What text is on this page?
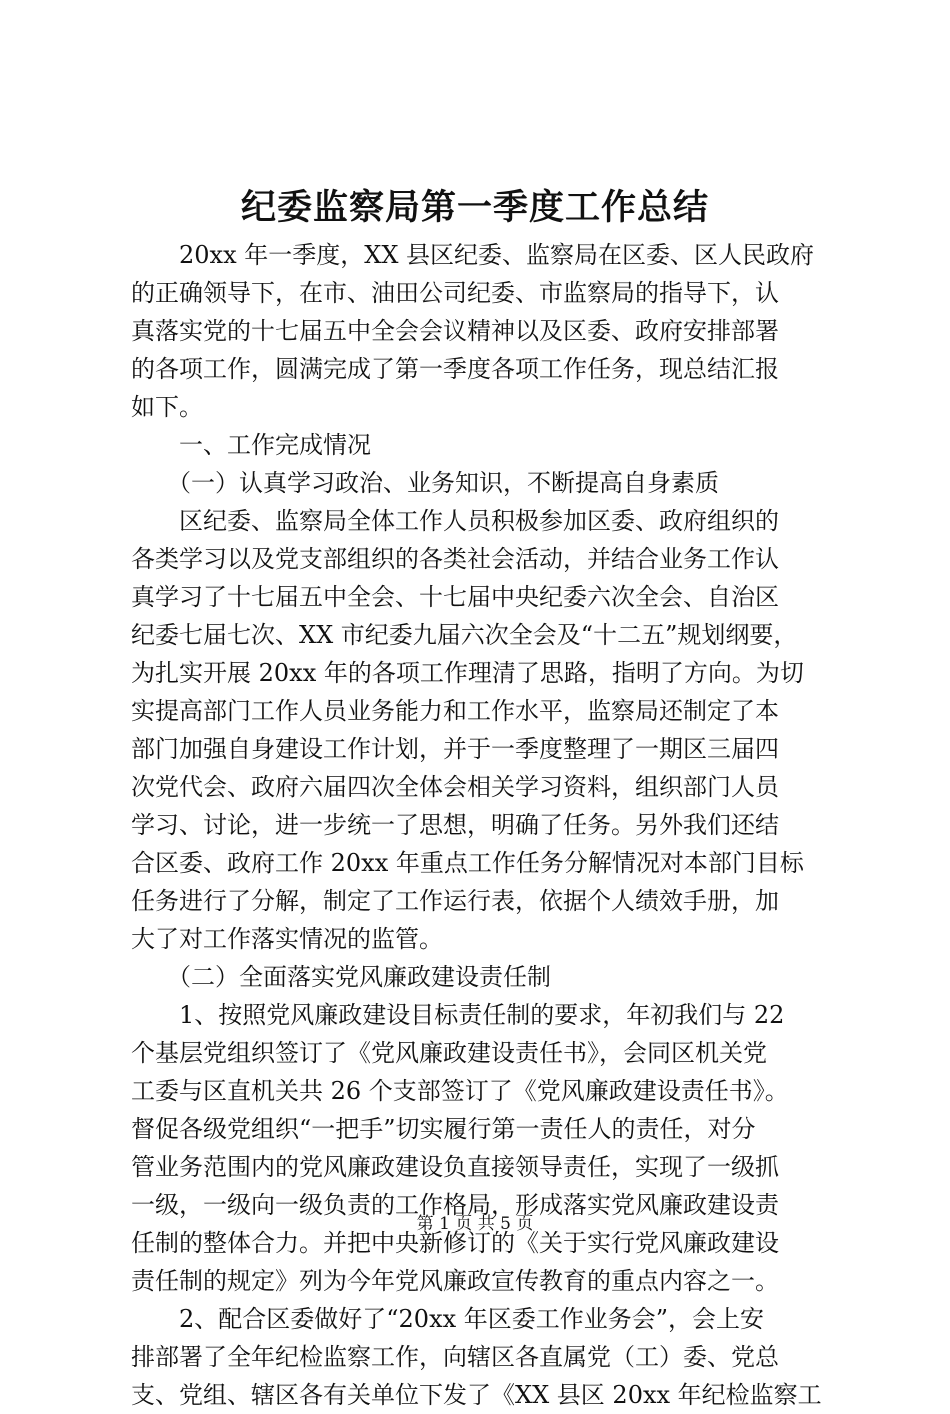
纪委监察局第一季度工作总结
　　20xx 年一季度，XX 县区纪委、监察局在区委、区人民政府
的正确领导下，在市、油田公司纪委、市监察局的指导下，认
真落实党的十七届五中全会会议精神以及区委、政府安排部署
的各项工作，圆满完成了第一季度各项工作任务，现总结汇报
如下。
　　一、工作完成情况
　　（一）认真学习政治、业务知识，不断提高自身素质
　　区纪委、监察局全体工作人员积极参加区委、政府组织的
各类学习以及党支部组织的各类社会活动，并结合业务工作认
真学习了十七届五中全会、十七届中央纪委六次全会、自治区
纪委七届七次、XX 市纪委九届六次全会及“十二五”规划纲要，
为扎实开展 20xx 年的各项工作理清了思路，指明了方向。为切
实提高部门工作人员业务能力和工作水平，监察局还制定了本
部门加强自身建设工作计划，并于一季度整理了一期区三届四
次党代会、政府六届四次全体会相关学习资料，组织部门人员
学习、讨论，进一步统一了思想，明确了任务。另外我们还结
合区委、政府工作 20xx 年重点工作任务分解情况对本部门目标
任务进行了分解，制定了工作运行表，依据个人绩效手册，加
大了对工作落实情况的监管。
　　（二）全面落实党风廉政建设责任制
　　1、按照党风廉政建设目标责任制的要求，年初我们与 22
个基层党组织签订了《党风廉政建设责任书》，会同区机关党
工委与区直机关共 26 个支部签订了《党风廉政建设责任书》。
督促各级党组织“一把手”切实履行第一责任人的责任，对分
管业务范围内的党风廉政建设负直接领导责任，实现了一级抓
一级，一级向一级负责的工作格局，形成落实党风廉政建设责
任制的整体合力。并把中央新修订的《关于实行党风廉政建设
责任制的规定》列为今年党风廉政宣传教育的重点内容之一。
　　2、配合区委做好了“20xx 年区委工作业务会”，会上安
排部署了全年纪检监察工作，向辖区各直属党（工）委、党总
支、党组、辖区各有关单位下发了《XX 县区 20xx 年纪检监察工
第 1 页 共 5 页
